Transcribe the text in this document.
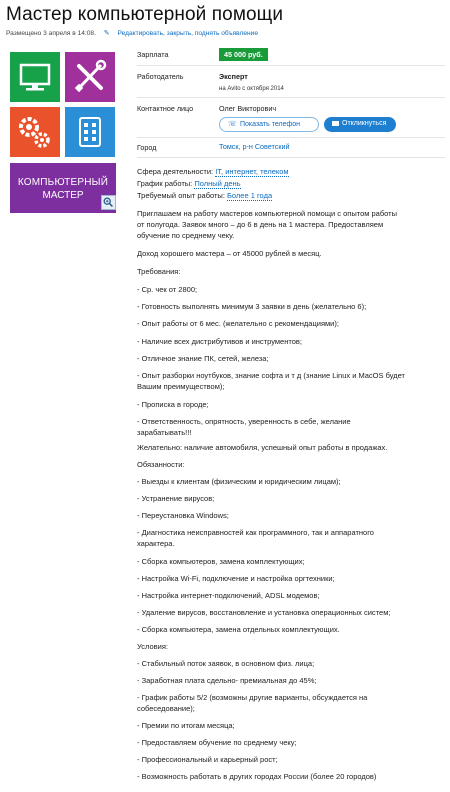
Мастер компьютерной помощи
Размещено 3 апреля в 14:08. ✎ Редактировать, закрыть, поднять объявление
КОМПЬЮТЕРНЫЙ
МАСТЕР
Зарплата	45 000 руб.
Работодатель	Эксперт
на Avito с октября 2014
Контактное лицо	Олег Викторович
☏ Показать телефон	Откликнуться
Город	Томск, р-н Советский
Сфера деятельности: IT, интернет, телеком
График работы: Полный день
Требуемый опыт работы: Более 1 года

Приглашаем на работу мастеров компьютерной помощи с опытом работы

от полугода. Заявок много – до 6 в день на 1 мастера. Предоставляем

обучение по среднему чеку.

Доход хорошего мастера – от 45000 рублей в месяц.

Требования:

- Ср. чек от 2800;

- Готовность выполнять минимум 3 заявки в день (желательно 6);

- Опыт работы от 6 мес. (желательно с рекомендациями);

- Наличие всех дистрибутивов и инструментов;

- Отличное знание ПК, сетей, железа;

- Опыт разборки ноутбуков, знание софта и т д (знание Linux и MacOS будет

Вашим преимуществом);

- Прописка в городе;

- Ответственность, опрятность, уверенность в себе, желание

зарабатывать!!!

Желательно: наличие автомобиля, успешный опыт работы в продажах.

Обязанности:

- Выезды к клиентам (физическим и юридическим лицам);

- Устранение вирусов;

- Переустановка Windows;

- Диагностика неисправностей как программного, так и аппаратного

характера.

- Сборка компьютеров, замена комплектующих;

- Настройка Wi-Fi, подключение и настройка оргтехники;

- Настройка интернет-подключений, ADSL модемов;

- Удаление вирусов, восстановление и установка операционных систем;

- Сборка компьютера, замена отдельных комплектующих.

Условия:

- Стабильный поток заявок, в основном физ. лица;

- Заработная плата сдельно- премиальная до 45%;

- График работы 5/2 (возможны другие варианты, обсуждается на

собеседование);

- Премии по итогам месяца;

- Предоставляем обучение по среднему чеку;

- Профессиональный и карьерный рост;

- Возможность работать в других городах России (более 20 городов)
